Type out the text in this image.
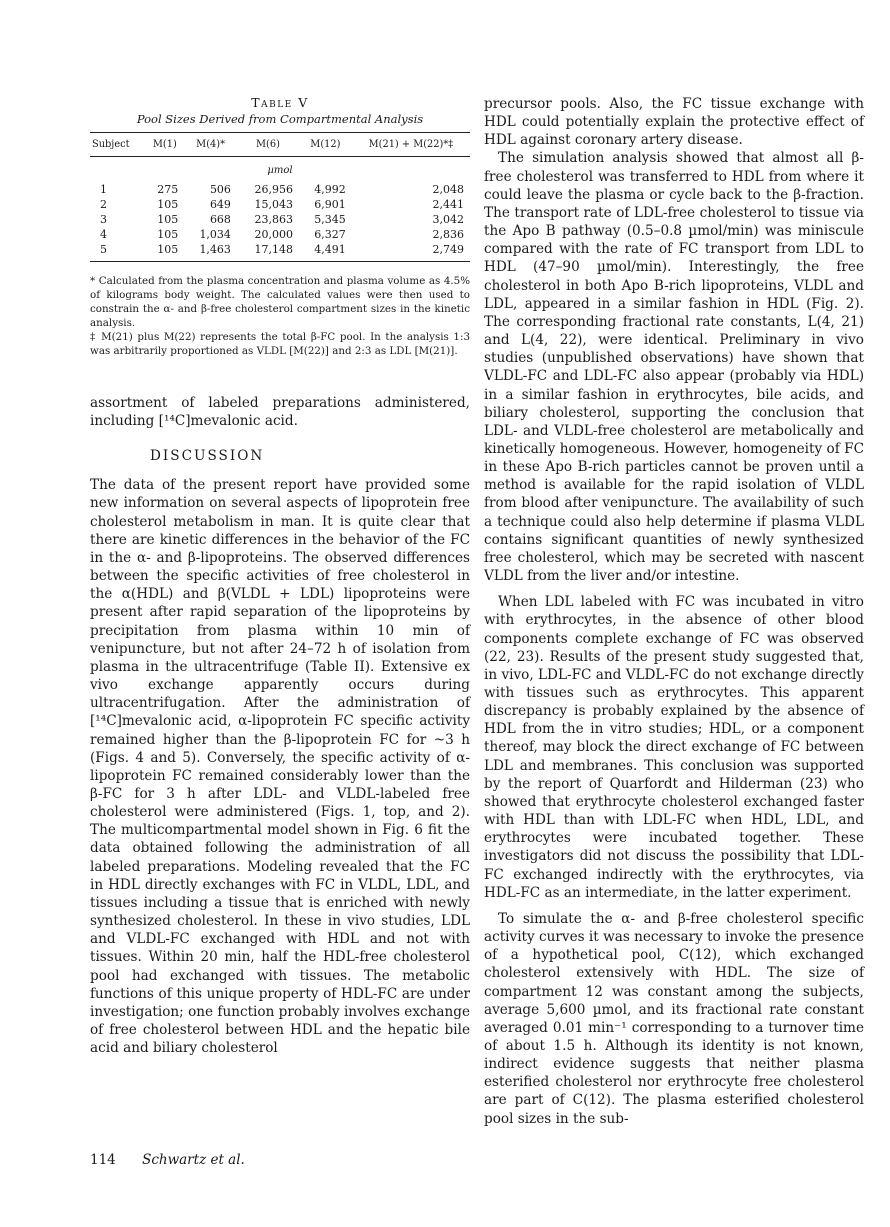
Table V

Pool Sizes Derived from Compartmental Analysis

Subject	M(1)	M(4)*	M(6)	M(12)	M(21) + M(22)*‡
µmol					
1	275	506	26,956	4,992	2,048
2	105	649	15,043	6,901	2,441
3	105	668	23,863	5,345	3,042
4	105	1,034	20,000	6,327	2,836
5	105	1,463	17,148	4,491	2,749

* Calculated from the plasma concentration and plasma volume as 4.5% of kilograms body weight. The calculated values were then used to constrain the α- and β-free cholesterol compartment sizes in the kinetic analysis.

‡ M(21) plus M(22) represents the total β-FC pool. In the analysis 1:3 was arbitrarily proportioned as VLDL [M(22)] and 2:3 as LDL [M(21)].

assortment of labeled preparations administered, including [¹⁴C]mevalonic acid.

DISCUSSION

The data of the present report have provided some new information on several aspects of lipoprotein free cholesterol metabolism in man. It is quite clear that there are kinetic differences in the behavior of the FC in the α- and β-lipoproteins. The observed differences between the specific activities of free cholesterol in the α(HDL) and β(VLDL + LDL) lipoproteins were present after rapid separation of the lipoproteins by precipitation from plasma within 10 min of venipuncture, but not after 24–72 h of isolation from plasma in the ultracentrifuge (Table II). Extensive ex vivo exchange apparently occurs during ultracentrifugation. After the administration of [¹⁴C]mevalonic acid, α-lipoprotein FC specific activity remained higher than the β-lipoprotein FC for ~3 h (Figs. 4 and 5). Conversely, the specific activity of α-lipoprotein FC remained considerably lower than the β-FC for 3 h after LDL- and VLDL-labeled free cholesterol were administered (Figs. 1, top, and 2). The multicompartmental model shown in Fig. 6 fit the data obtained following the administration of all labeled preparations. Modeling revealed that the FC in HDL directly exchanges with FC in VLDL, LDL, and tissues including a tissue that is enriched with newly synthesized cholesterol. In these in vivo studies, LDL and VLDL-FC exchanged with HDL and not with tissues. Within 20 min, half the HDL-free cholesterol pool had exchanged with tissues. The metabolic functions of this unique property of HDL-FC are under investigation; one function probably involves exchange of free cholesterol between HDL and the hepatic bile acid and biliary cholesterol

precursor pools. Also, the FC tissue exchange with HDL could potentially explain the protective effect of HDL against coronary artery disease.

The simulation analysis showed that almost all β-free cholesterol was transferred to HDL from where it could leave the plasma or cycle back to the β-fraction. The transport rate of LDL-free cholesterol to tissue via the Apo B pathway (0.5–0.8 µmol/min) was miniscule compared with the rate of FC transport from LDL to HDL (47–90 µmol/min). Interestingly, the free cholesterol in both Apo B-rich lipoproteins, VLDL and LDL, appeared in a similar fashion in HDL (Fig. 2). The corresponding fractional rate constants, L(4, 21) and L(4, 22), were identical. Preliminary in vivo studies (unpublished observations) have shown that VLDL-FC and LDL-FC also appear (probably via HDL) in a similar fashion in erythrocytes, bile acids, and biliary cholesterol, supporting the conclusion that LDL- and VLDL-free cholesterol are metabolically and kinetically homogeneous. However, homogeneity of FC in these Apo B-rich particles cannot be proven until a method is available for the rapid isolation of VLDL from blood after venipuncture. The availability of such a technique could also help determine if plasma VLDL contains significant quantities of newly synthesized free cholesterol, which may be secreted with nascent VLDL from the liver and/or intestine.

When LDL labeled with FC was incubated in vitro with erythrocytes, in the absence of other blood components complete exchange of FC was observed (22, 23). Results of the present study suggested that, in vivo, LDL-FC and VLDL-FC do not exchange directly with tissues such as erythrocytes. This apparent discrepancy is probably explained by the absence of HDL from the in vitro studies; HDL, or a component thereof, may block the direct exchange of FC between LDL and membranes. This conclusion was supported by the report of Quarfordt and Hilderman (23) who showed that erythrocyte cholesterol exchanged faster with HDL than with LDL-FC when HDL, LDL, and erythrocytes were incubated together. These investigators did not discuss the possibility that LDL-FC exchanged indirectly with the erythrocytes, via HDL-FC as an intermediate, in the latter experiment.

To simulate the α- and β-free cholesterol specific activity curves it was necessary to invoke the presence of a hypothetical pool, C(12), which exchanged cholesterol extensively with HDL. The size of compartment 12 was constant among the subjects, average 5,600 µmol, and its fractional rate constant averaged 0.01 min⁻¹ corresponding to a turnover time of about 1.5 h. Although its identity is not known, indirect evidence suggests that neither plasma esterified cholesterol nor erythrocyte free cholesterol are part of C(12). The plasma esterified cholesterol pool sizes in the sub-

114 Schwartz et al.
